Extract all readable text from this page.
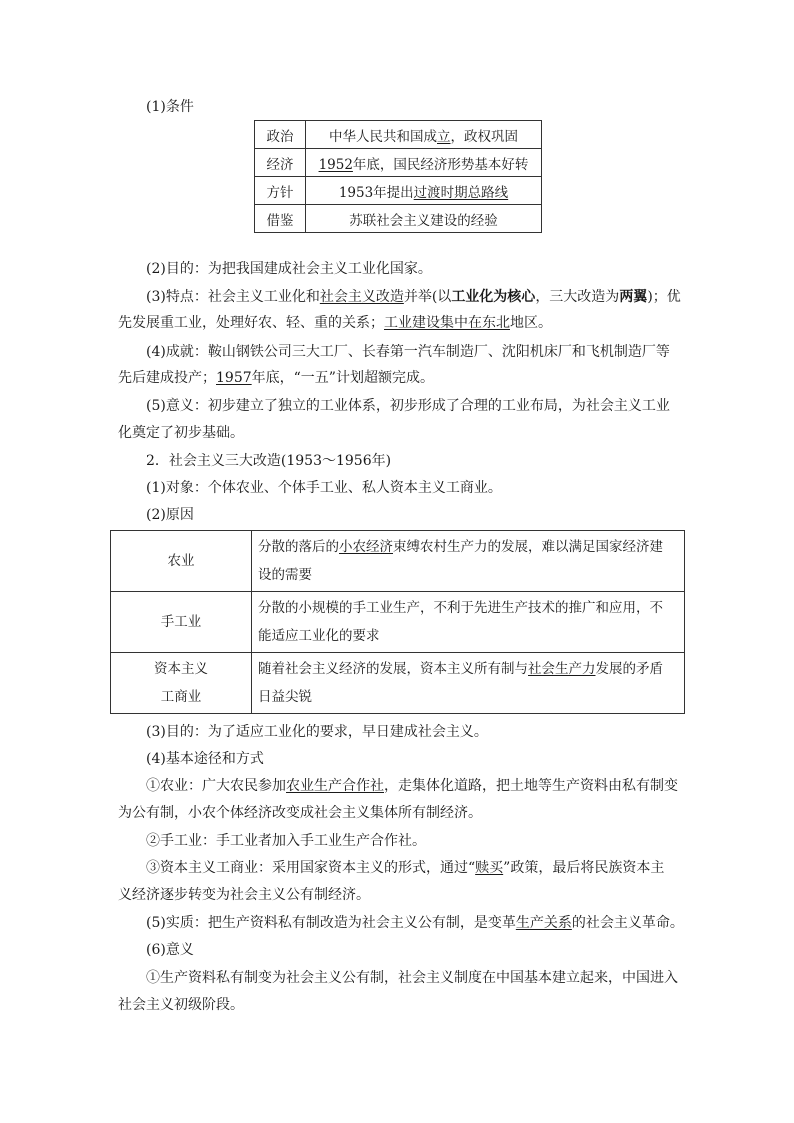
(1)条件
政治	中华人民共和国成立，政权巩固
经济	1952年底，国民经济形势基本好转
方针	1953年提出过渡时期总路线
借鉴	苏联社会主义建设的经验
(2)目的：为把我国建成社会主义工业化国家。
(3)特点：社会主义工业化和社会主义改造并举(以工业化为核心，三大改造为两翼)；优
先发展重工业，处理好农、轻、重的关系；工业建设集中在东北地区。
(4)成就：鞍山钢铁公司三大工厂、长春第一汽车制造厂、沈阳机床厂和飞机制造厂等
先后建成投产；1957年底，“一五”计划超额完成。
(5)意义：初步建立了独立的工业体系，初步形成了合理的工业布局，为社会主义工业
化奠定了初步基础。
2．社会主义三大改造(1953～1956年)
(1)对象：个体农业、个体手工业、私人资本主义工商业。
(2)原因
农业	分散的落后的小农经济束缚农村生产力的发展，难以满足国家经济建
设的需要
手工业	分散的小规模的手工业生产，不利于先进生产技术的推广和应用，不
能适应工业化的要求
资本主义
工商业	随着社会主义经济的发展，资本主义所有制与社会生产力发展的矛盾
日益尖锐
(3)目的：为了适应工业化的要求，早日建成社会主义。
(4)基本途径和方式
①农业：广大农民参加农业生产合作社，走集体化道路，把土地等生产资料由私有制变
为公有制，小农个体经济改变成社会主义集体所有制经济。
②手工业：手工业者加入手工业生产合作社。
③资本主义工商业：采用国家资本主义的形式，通过“赎买”政策，最后将民族资本主
义经济逐步转变为社会主义公有制经济。
(5)实质：把生产资料私有制改造为社会主义公有制，是变革生产关系的社会主义革命。
(6)意义
①生产资料私有制变为社会主义公有制，社会主义制度在中国基本建立起来，中国进入
社会主义初级阶段。
